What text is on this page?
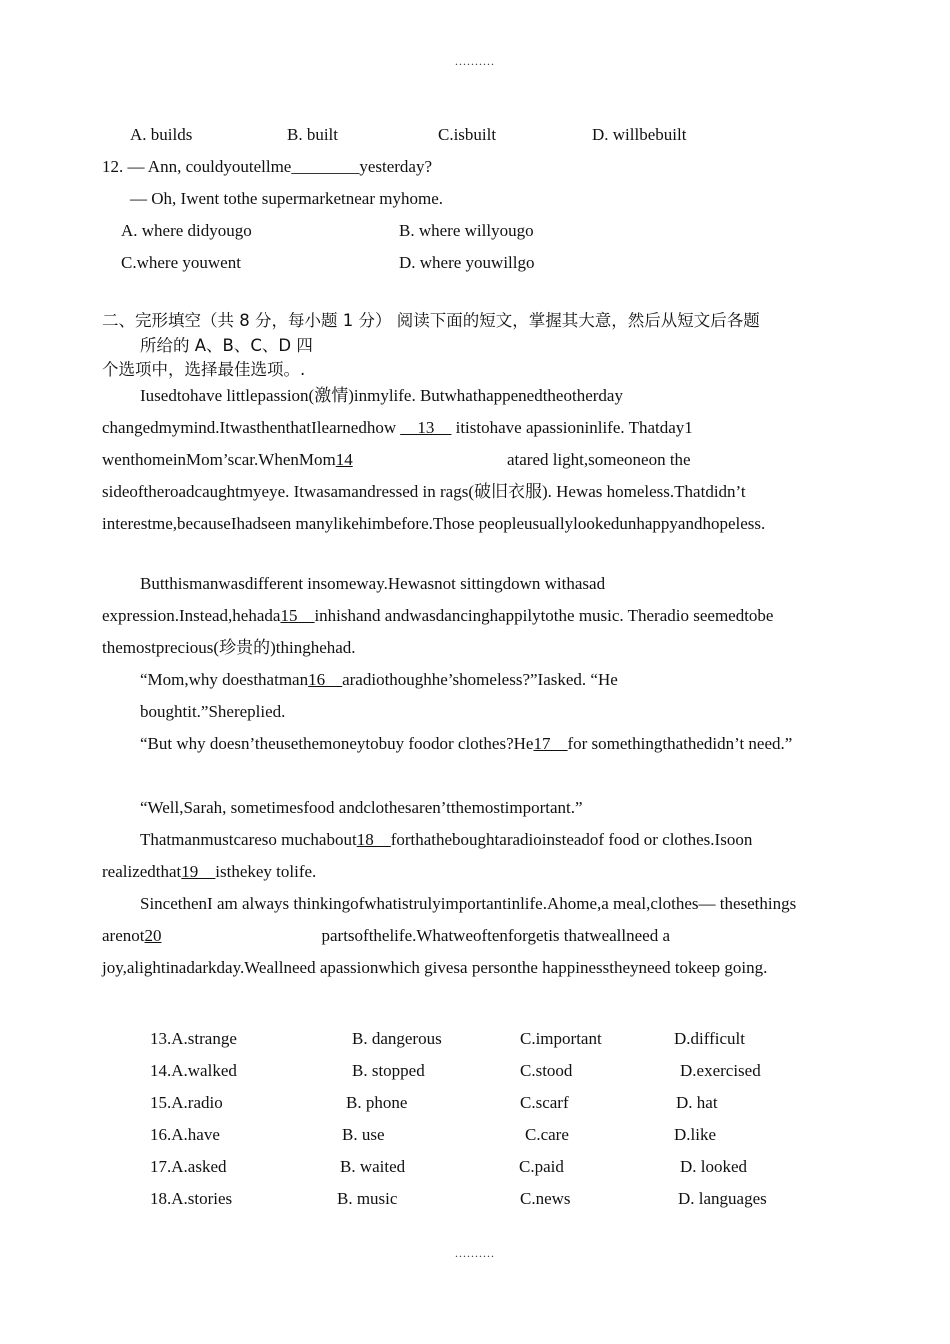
..........
A. builds	B. built	C.isbuilt	D. willbebuilt
12. — Ann, couldyoutellme________yesterday?
— Oh, Iwent tothe supermarketnear myhome.
A. where didyougo	B. where willyougo
C.where youwent	D. where youwillgo
二、完形填空（共 8 分，每小题 1 分） 阅读下面的短文，掌握其大意，然后从短文后各题
所给的 A、B、C、D 四
个选项中，选择最佳选项。.
Iusedtohave littlepassion(激情)inmylife. Butwhathappenedtheotherday changedmymind.ItwasthenthatIlearnedhow __13__ itistohave apassioninlife. Thatday1 wenthomeinMom’scar.WhenMom14	atared light,someoneon the sideoftheroadcaughtmyeye. Itwasamandressed in rags(破旧衣服). Hewas homeless.Thatdidn’t interestme,becauseIhadseen manylikehimbefore.Those peopleusuallylookedunhappyandhopeless.
Butthismanwasdifferent insomeway.Hewasnot sittingdown withasad expression.Instead,hehada15__inhishand andwasdancinghappilytothe music. Theradio seemedtobe themostprecious(珍贵的)thinghehad.
“Mom,why doesthatman16__aradiothoughhe’shomeless?”Iasked. “He
boughtit.”Shereplied.
“But why doesn’theusethemoneytobuy foodor clothes?He17__for somethingthathedidn’t need.”
“Well,Sarah, sometimesfood andclothesaren’tthemostimportant.”
Thatmanmustcareso muchabout18__forthatheboughtaradioinsteadof food or clothes.Isoon realizedthat19__isthekey tolife.
SincethenI am always thinkingofwhatistrulyimportantinlife.Ahome,a meal,clothes— thesethings arenot20	partsofthelife.Whatweoftenforgetis thatweallneed a joy,alightinadarkday.Weallneed apassionwhich givesa personthe happinesstheyneed tokeep going.
13.A.strange	B. dangerous	C.important	D.difficult
14.A.walked	B. stopped	C.stood	D.exercised
15.A.radio	B. phone	C.scarf	D. hat
16.A.have	B. use	C.care	D.like
17.A.asked	B. waited	C.paid	D. looked
18.A.stories	B. music	C.news	D. languages
..........
